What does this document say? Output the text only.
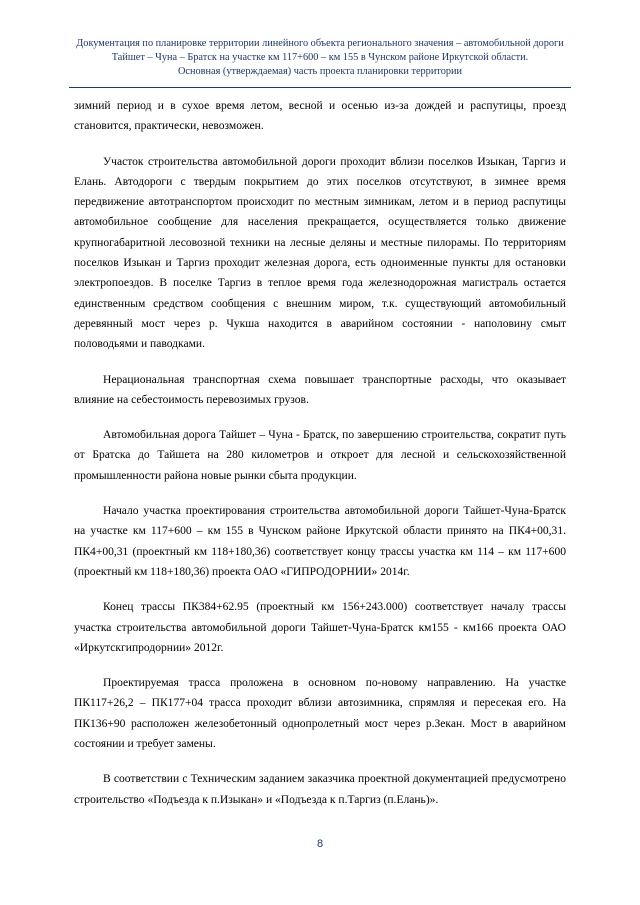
Документация по планировке территории линейного объекта регионального значения – автомобильной дороги
Тайшет – Чуна – Братск на участке км 117+600 – км 155 в Чунском районе Иркутской области.
Основная (утверждаемая) часть проекта планировки территории

зимний период и в сухое время летом, весной и осенью из-за дождей и распутицы, проезд становится, практически, невозможен.

Участок строительства автомобильной дороги проходит вблизи поселков Изыкан, Таргиз и Елань. Автодороги с твердым покрытием до этих поселков отсутствуют, в зимнее время передвижение автотранспортом происходит по местным зимникам, летом и в период распутицы автомобильное сообщение для населения прекращается, осуществляется только движение крупногабаритной лесовозной техники на лесные деляны и местные пилорамы. По территориям поселков Изыкан и Таргиз проходит железная дорога, есть одноименные пункты для остановки электропоездов. В поселке Таргиз в теплое время года железнодорожная магистраль остается единственным средством сообщения с внешним миром, т.к. существующий автомобильный деревянный мост через р. Чукша находится в аварийном состоянии - наполовину смыт половодьями и паводками.

Нерациональная транспортная схема повышает транспортные расходы, что оказывает влияние на себестоимость перевозимых грузов.

Автомобильная дорога Тайшет – Чуна - Братск, по завершению строительства, сократит путь от Братска до Тайшета на 280 километров и откроет для лесной и сельскохозяйственной промышленности района новые рынки сбыта продукции.

Начало участка проектирования строительства автомобильной дороги Тайшет-Чуна-Братск на участке км 117+600 – км 155 в Чунском районе Иркутской области принято на ПК4+00,31. ПК4+00,31 (проектный км 118+180,36) соответствует концу трассы участка км 114 – км 117+600 (проектный км 118+180,36) проекта ОАО «ГИПРОДОРНИИ» 2014г.

Конец трассы ПК384+62.95 (проектный км 156+243.000) соответствует началу трассы участка строительства автомобильной дороги Тайшет-Чуна-Братск км155 - км166 проекта ОАО «Иркутскгипродорнии» 2012г.

Проектируемая трасса проложена в основном по-новому направлению. На участке ПК117+26,2 – ПК177+04 трасса проходит вблизи автозимника, спрямляя и пересекая его. На ПК136+90 расположен железобетонный однопролетный мост через р.Зекан. Мост в аварийном состоянии и требует замены.

В соответствии с Техническим заданием заказчика проектной документацией предусмотрено строительство «Подъезда к п.Изыкан» и «Подъезда к п.Таргиз (п.Елань)».

8
